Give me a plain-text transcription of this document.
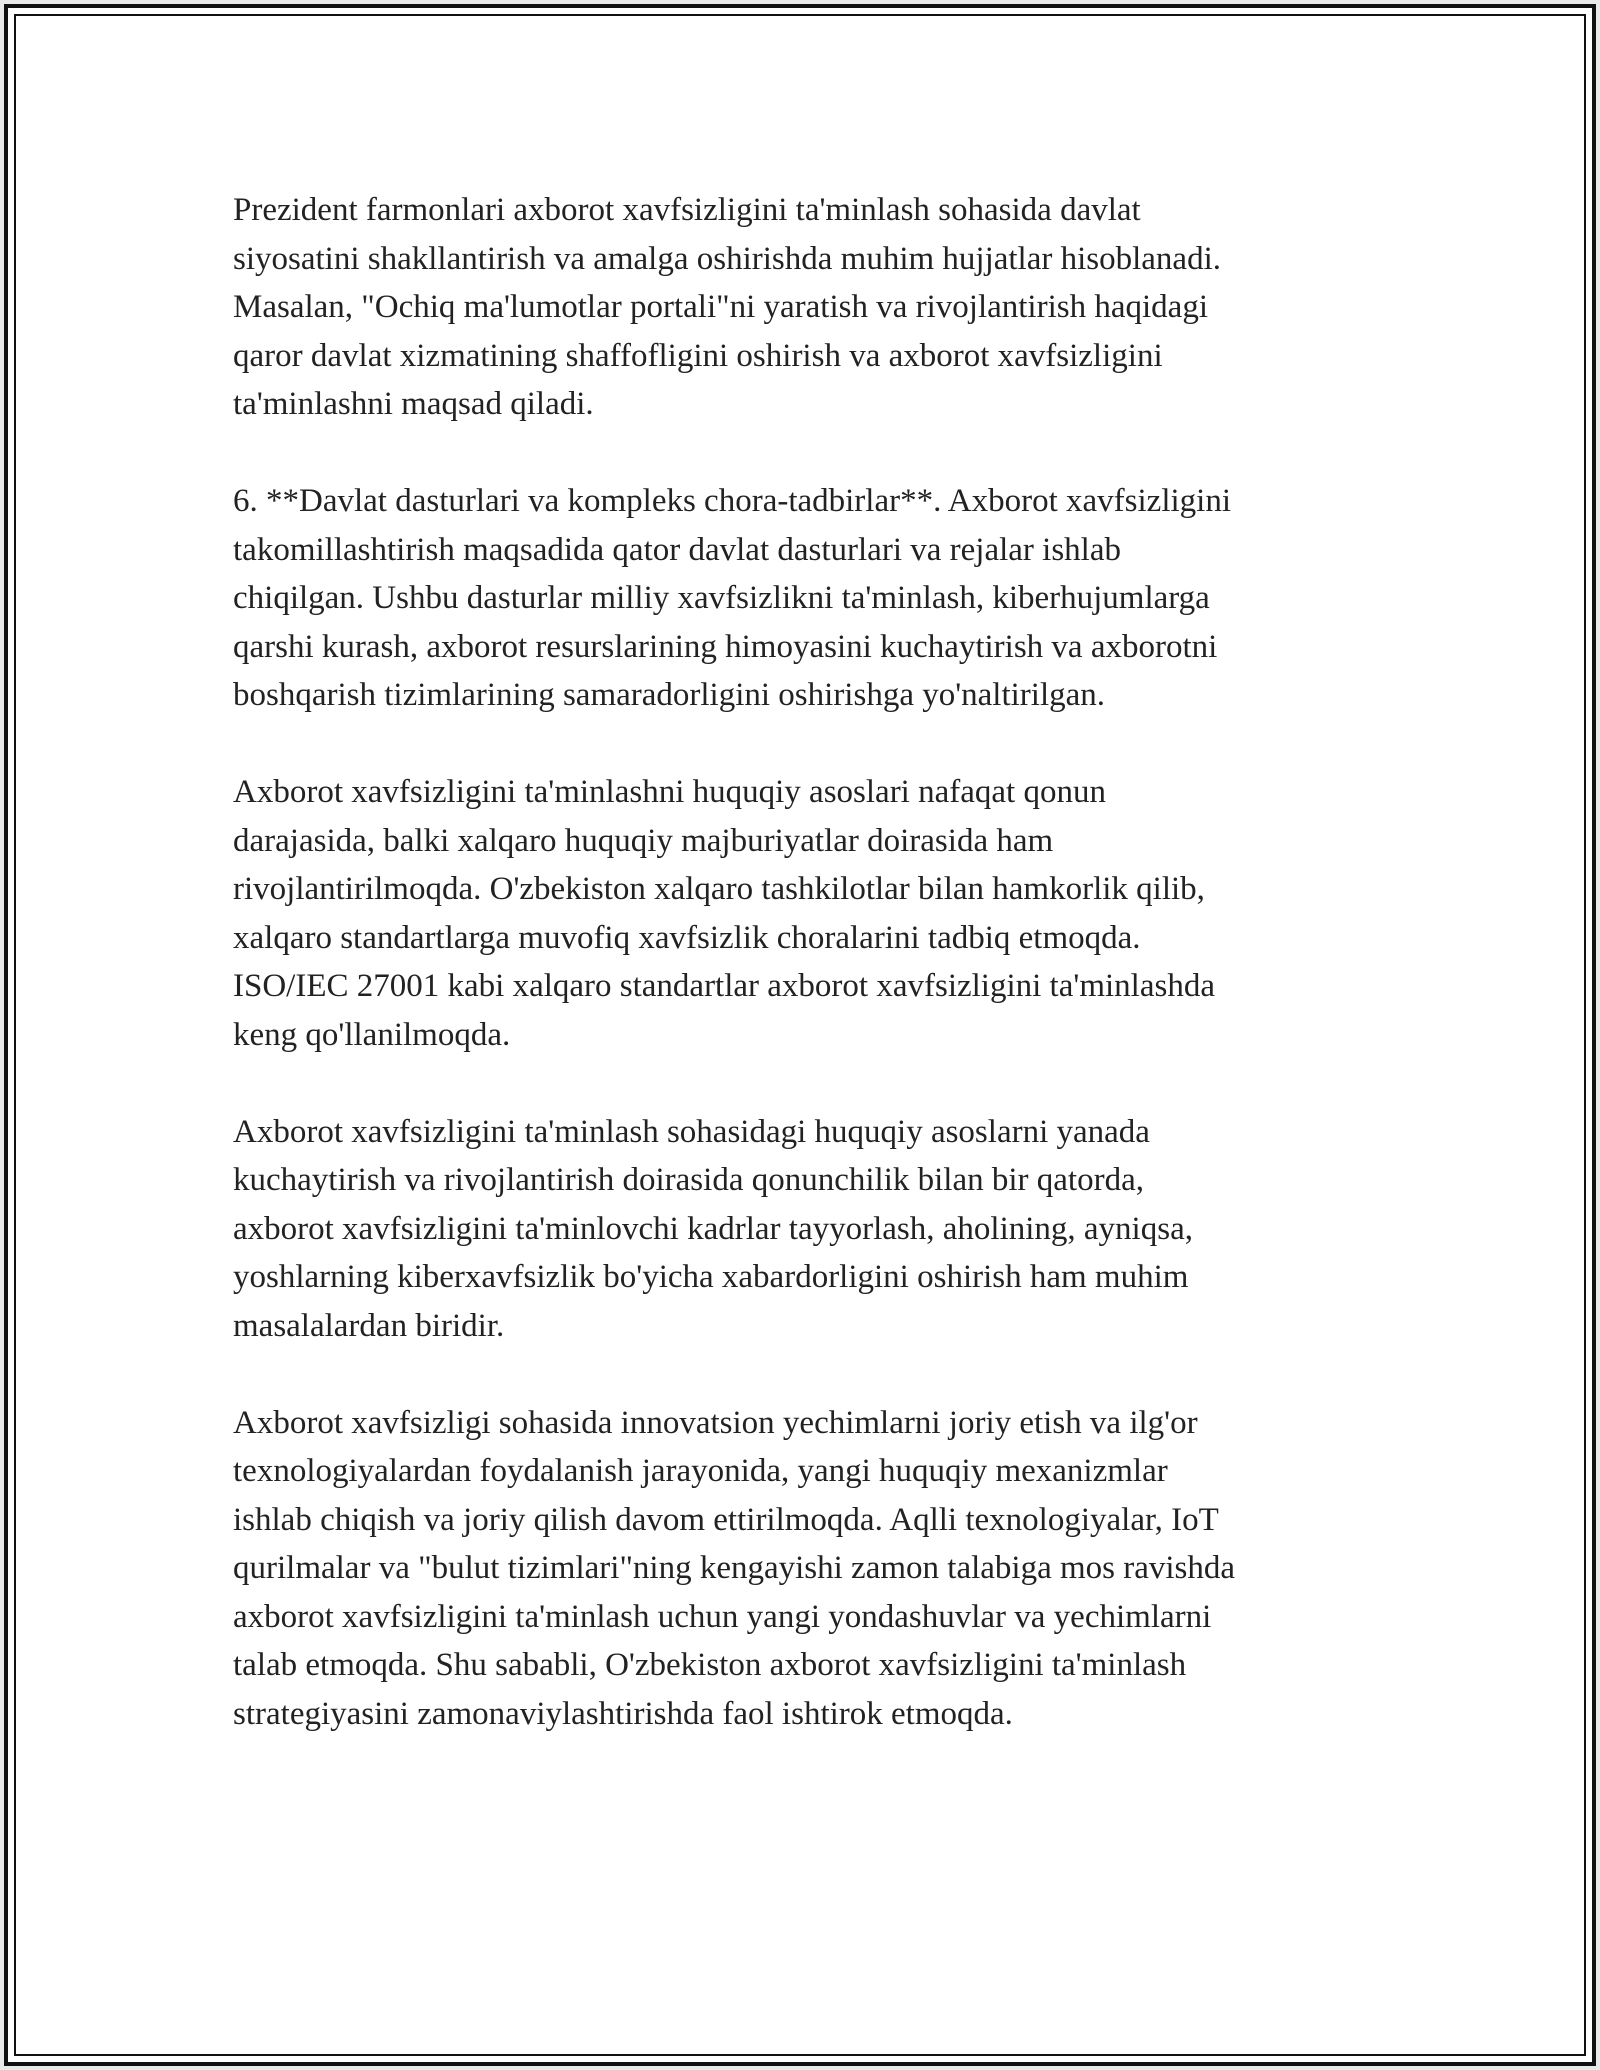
Prezident farmonlari axborot xavfsizligini ta'minlash sohasida davlat
siyosatini shakllantirish va amalga oshirishda muhim hujjatlar hisoblanadi.
Masalan, "Ochiq ma'lumotlar portali"ni yaratish va rivojlantirish haqidagi
qaror davlat xizmatining shaffofligini oshirish va axborot xavfsizligini
ta'minlashni maqsad qiladi.

6. **Davlat dasturlari va kompleks chora-tadbirlar**. Axborot xavfsizligini
takomillashtirish maqsadida qator davlat dasturlari va rejalar ishlab
chiqilgan. Ushbu dasturlar milliy xavfsizlikni ta'minlash, kiberhujumlarga
qarshi kurash, axborot resurslarining himoyasini kuchaytirish va axborotni
boshqarish tizimlarining samaradorligini oshirishga yo'naltirilgan.

Axborot xavfsizligini ta'minlashni huquqiy asoslari nafaqat qonun
darajasida, balki xalqaro huquqiy majburiyatlar doirasida ham
rivojlantirilmoqda. O'zbekiston xalqaro tashkilotlar bilan hamkorlik qilib,
xalqaro standartlarga muvofiq xavfsizlik choralarini tadbiq etmoqda.
ISO/IEC 27001 kabi xalqaro standartlar axborot xavfsizligini ta'minlashda
keng qo'llanilmoqda.

Axborot xavfsizligini ta'minlash sohasidagi huquqiy asoslarni yanada
kuchaytirish va rivojlantirish doirasida qonunchilik bilan bir qatorda,
axborot xavfsizligini ta'minlovchi kadrlar tayyorlash, aholining, ayniqsa,
yoshlarning kiberxavfsizlik bo'yicha xabardorligini oshirish ham muhim
masalalardan biridir.

Axborot xavfsizligi sohasida innovatsion yechimlarni joriy etish va ilg'or
texnologiyalardan foydalanish jarayonida, yangi huquqiy mexanizmlar
ishlab chiqish va joriy qilish davom ettirilmoqda. Aqlli texnologiyalar, IoT
qurilmalar va "bulut tizimlari"ning kengayishi zamon talabiga mos ravishda
axborot xavfsizligini ta'minlash uchun yangi yondashuvlar va yechimlarni
talab etmoqda. Shu sababli, O'zbekiston axborot xavfsizligini ta'minlash
strategiyasini zamonaviylashtirishda faol ishtirok etmoqda.
